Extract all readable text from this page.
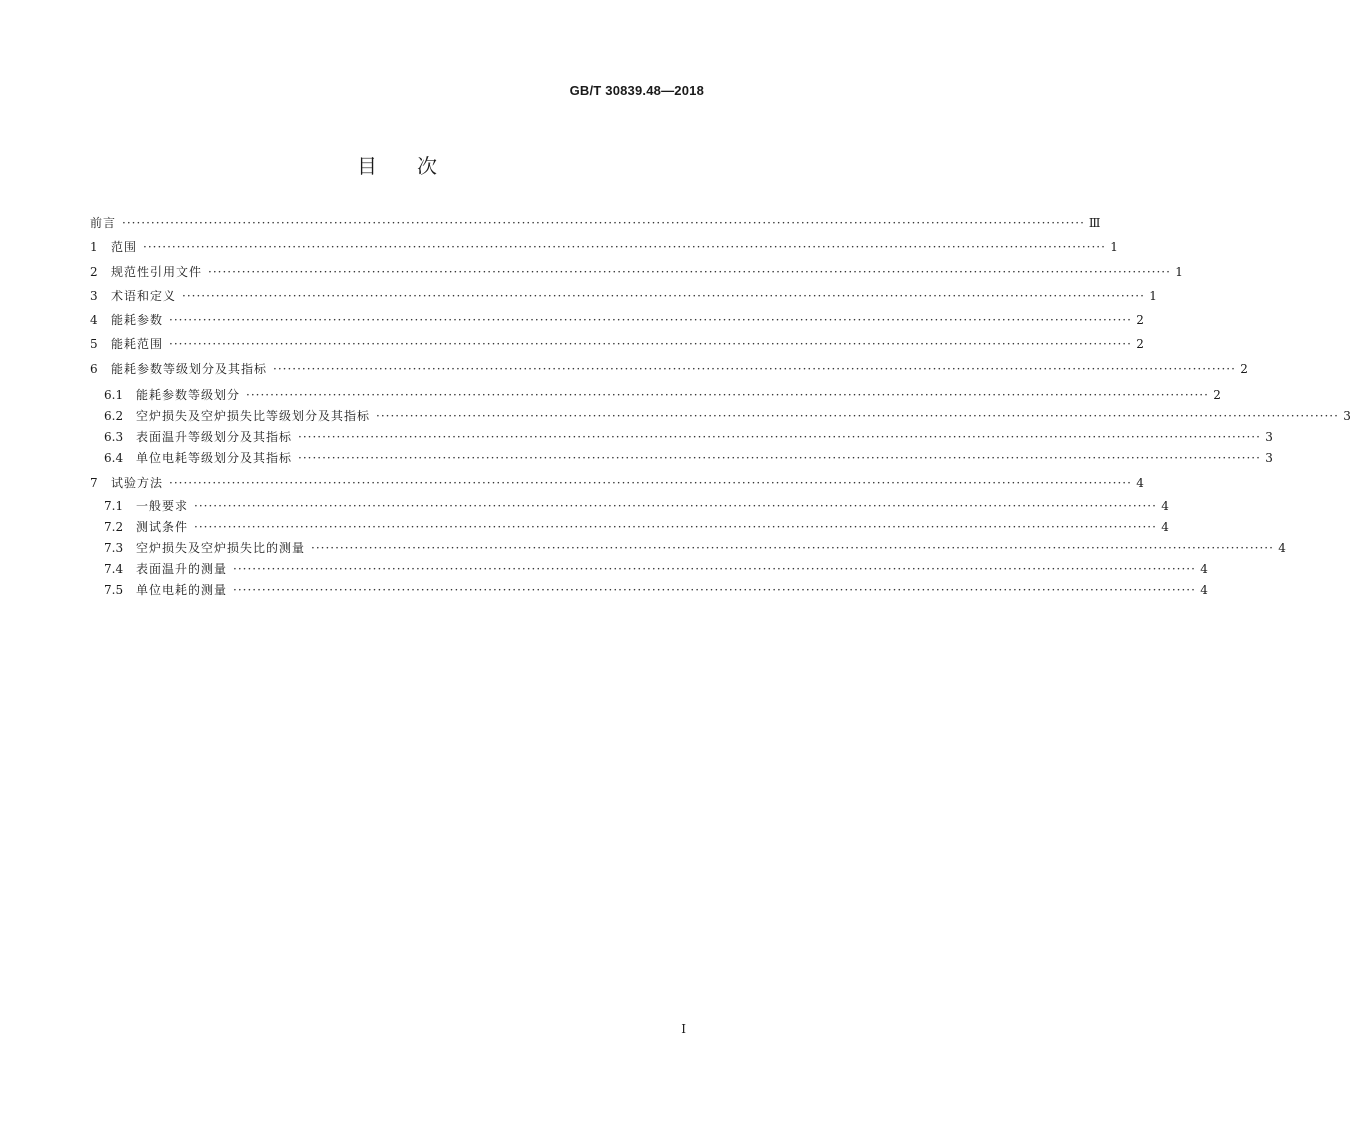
GB/T 30839.48—2018
目次
前言 ········································································································································································································ Ⅲ
1	范围 ········································································································································································································ 1
2	规范性引用文件 ········································································································································································································ 1
3	术语和定义 ········································································································································································································ 1
4	能耗参数 ········································································································································································································ 2
5	能耗范围 ········································································································································································································ 2
6	能耗参数等级划分及其指标 ········································································································································································································ 2
6.1	能耗参数等级划分 ········································································································································································································ 2
6.2	空炉损失及空炉损失比等级划分及其指标 ········································································································································································································ 3
6.3	表面温升等级划分及其指标 ········································································································································································································ 3
6.4	单位电耗等级划分及其指标 ········································································································································································································ 3
7	试验方法 ········································································································································································································ 4
7.1	一般要求 ········································································································································································································ 4
7.2	测试条件 ········································································································································································································ 4
7.3	空炉损失及空炉损失比的测量 ········································································································································································································ 4
7.4	表面温升的测量 ········································································································································································································ 4
7.5	单位电耗的测量 ········································································································································································································ 4
Ⅰ
